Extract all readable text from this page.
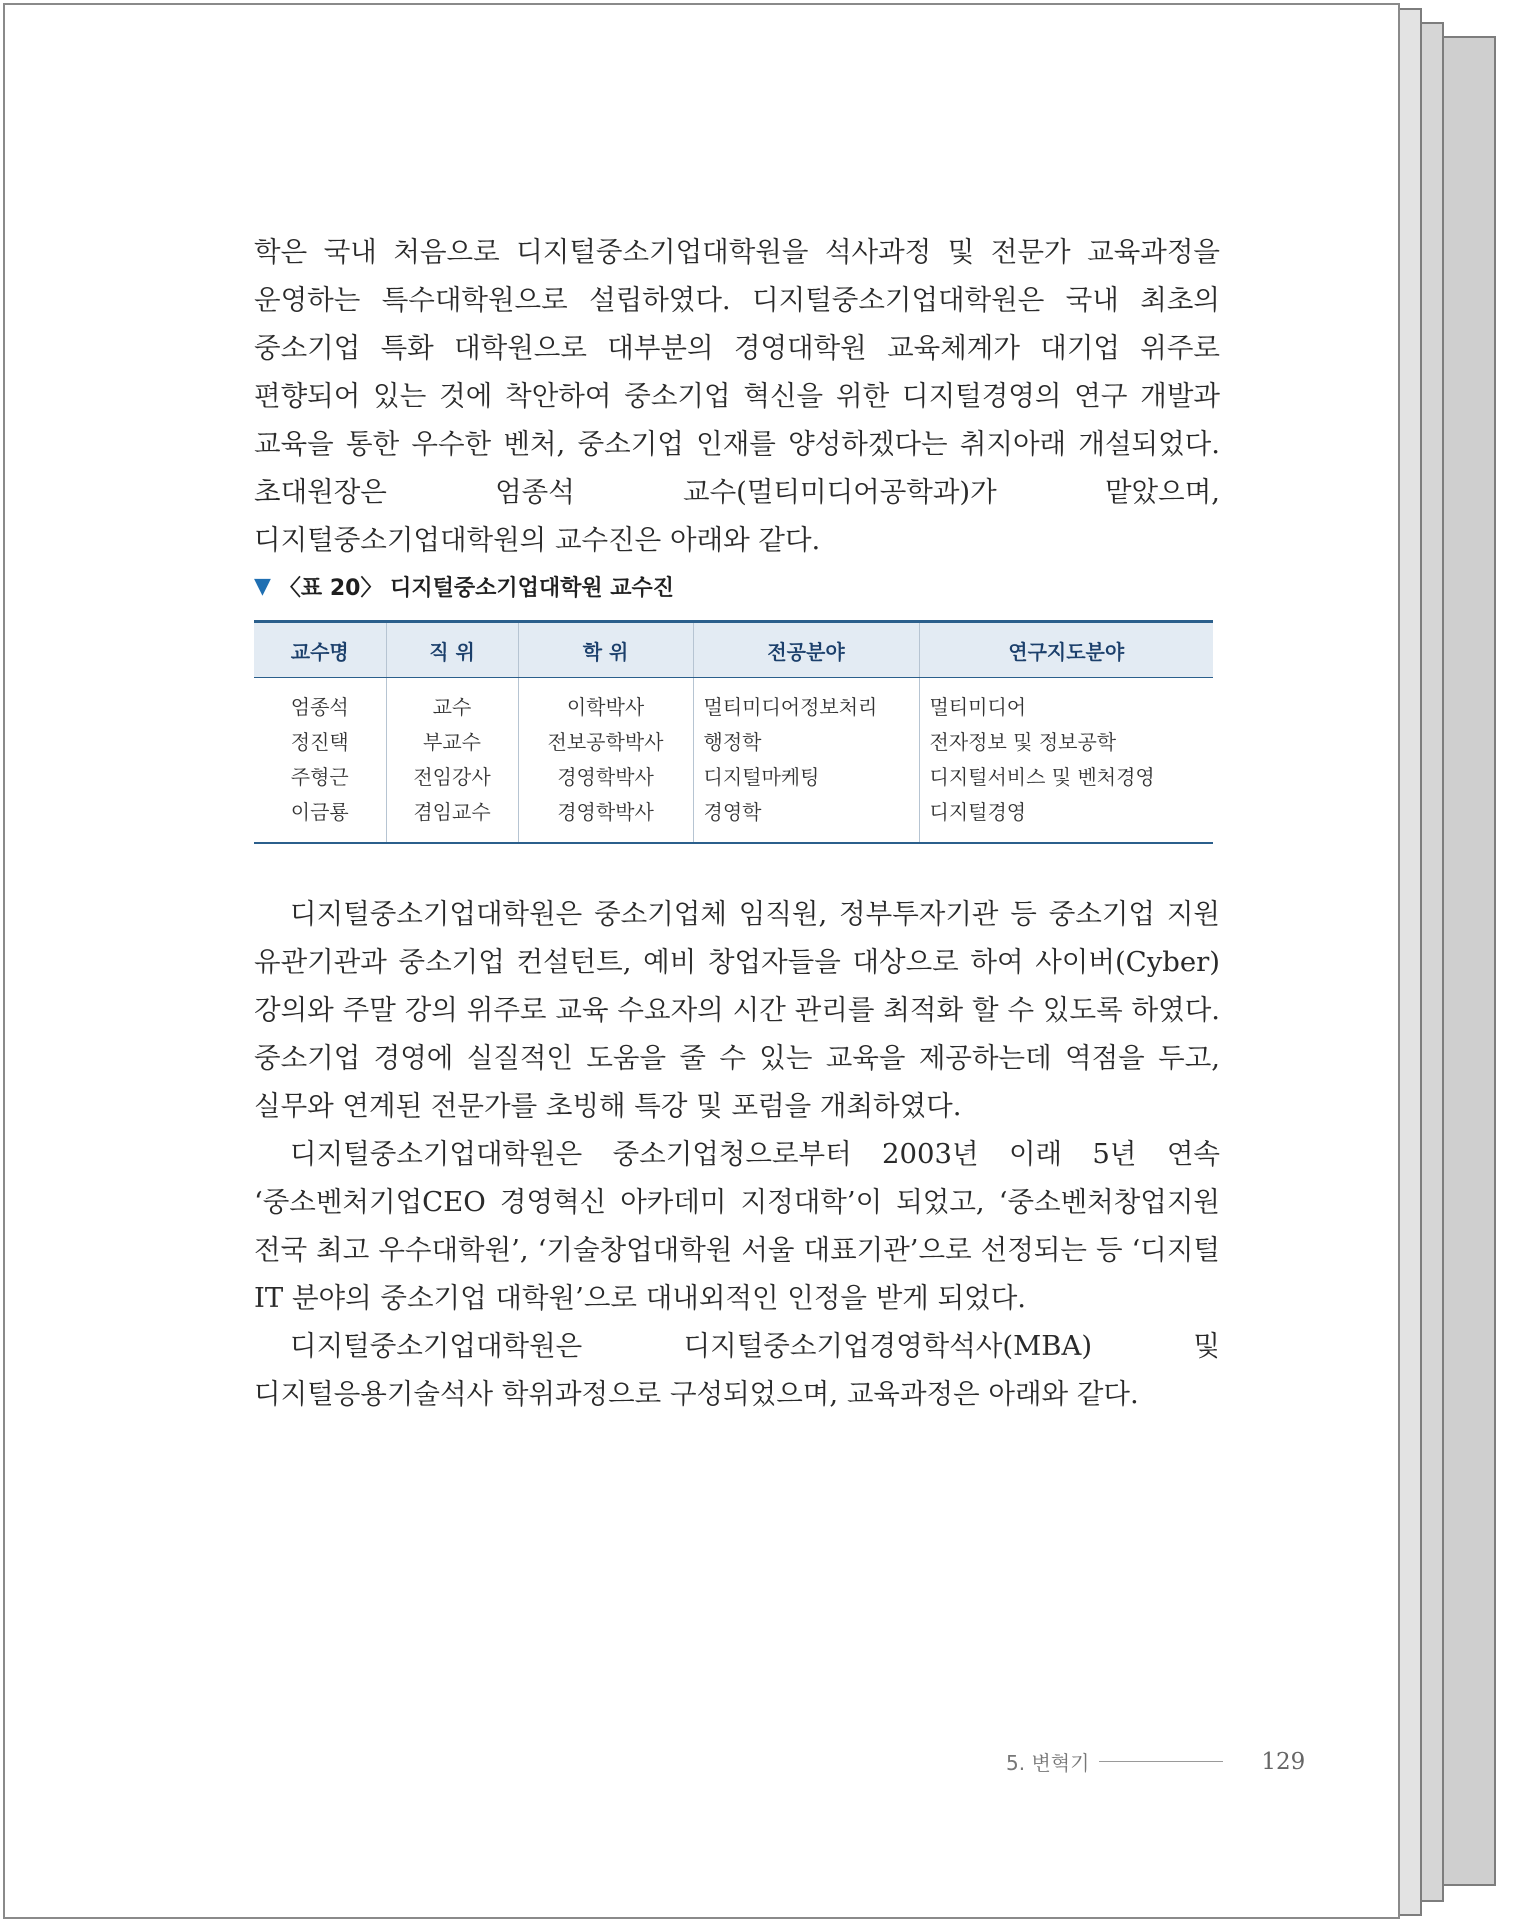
학은 국내 처음으로 디지털중소기업대학원을 석사과정 및 전문가 교육과정을 운영하는 특수대학원으로 설립하였다. 디지털중소기업대학원은 국내 최초의 중소기업 특화 대학원으로 대부분의 경영대학원 교육체계가 대기업 위주로 편향되어 있는 것에 착안하여 중소기업 혁신을 위한 디지털경영의 연구 개발과 교육을 통한 우수한 벤처, 중소기업 인재를 양성하겠다는 취지아래 개설되었다. 초대원장은 엄종석 교수(멀티미디어공학과)가 맡았으며, 디지털중소기업대학원의 교수진은 아래와 같다.

▼ 〈표 20〉 디지털중소기업대학원 교수진
교수명	직 위	학 위	전공분야	연구지도분야
엄종석	교수	이학박사	멀티미디어정보처리	멀티미디어
정진택	부교수	전보공학박사	행정학	전자정보 및 정보공학
주형근	전임강사	경영학박사	디지털마케팅	디지털서비스 및 벤처경영
이금룡	겸임교수	경영학박사	경영학	디지털경영

디지털중소기업대학원은 중소기업체 임직원, 정부투자기관 등 중소기업 지원 유관기관과 중소기업 컨설턴트, 예비 창업자들을 대상으로 하여 사이버(Cyber) 강의와 주말 강의 위주로 교육 수요자의 시간 관리를 최적화 할 수 있도록 하였다. 중소기업 경영에 실질적인 도움을 줄 수 있는 교육을 제공하는데 역점을 두고, 실무와 연계된 전문가를 초빙해 특강 및 포럼을 개최하였다.

디지털중소기업대학원은 중소기업청으로부터 2003년 이래 5년 연속 ‘중소벤처기업CEO 경영혁신 아카데미 지정대학’이 되었고, ‘중소벤처창업지원 전국 최고 우수대학원’, ‘기술창업대학원 서울 대표기관’으로 선정되는 등 ‘디지털 IT 분야의 중소기업 대학원’으로 대내외적인 인정을 받게 되었다.

디지털중소기업대학원은 디지털중소기업경영학석사(MBA) 및 디지털응용기술석사 학위과정으로 구성되었으며, 교육과정은 아래와 같다.

5. 변혁기	129
